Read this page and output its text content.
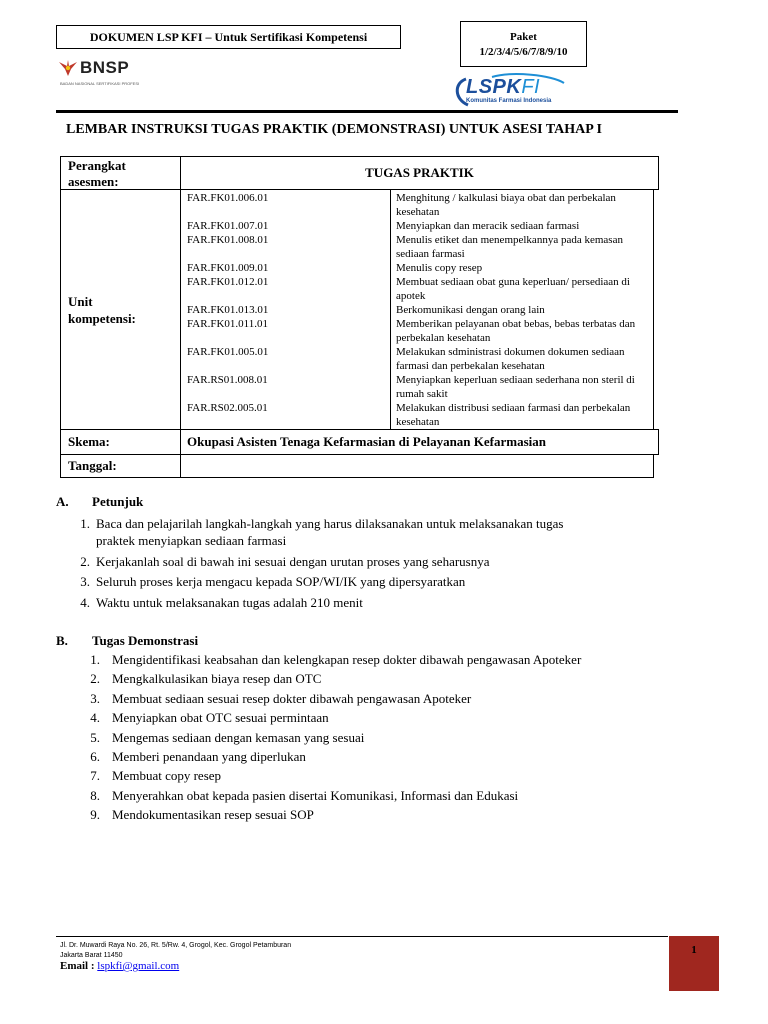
DOKUMEN LSP KFI – Untuk Sertifikasi Kompetensi	Paket
1/2/3/4/5/6/7/8/9/10
BNSP
BADAN NASIONAL SERTIFIKASI PROFESI	LSPKFI
Komunitas Farmasi Indonesia
LEMBAR INSTRUKSI TUGAS PRAKTIK (DEMONSTRASI) UNTUK ASESI TAHAP I
Perangkat
asesmen:
TUGAS PRAKTIK
Unit
kompetensi:
FAR.FK01.006.01	Menghitung / kalkulasi biaya obat dan perbekalan kesehatan
FAR.FK01.007.01	Menyiapkan dan meracik sediaan farmasi
FAR.FK01.008.01	Menulis etiket dan menempelkannya pada kemasan sediaan farmasi
FAR.FK01.009.01	Menulis copy resep
FAR.FK01.012.01	Membuat sediaan obat guna keperluan/ persediaan di apotek
FAR.FK01.013.01	Berkomunikasi dengan orang lain
FAR.FK01.011.01	Memberikan pelayanan obat bebas, bebas terbatas dan perbekalan kesehatan
FAR.FK01.005.01	Melakukan sdministrasi dokumen dokumen sediaan farmasi dan perbekalan kesehatan
FAR.RS01.008.01	Menyiapkan keperluan sediaan sederhana non steril di rumah sakit
FAR.RS02.005.01	Melakukan distribusi sediaan farmasi dan perbekalan kesehatan
Skema:	Okupasi Asisten Tenaga Kefarmasian di Pelayanan Kefarmasian
Tanggal:
A. Petunjuk
1. Baca dan pelajarilah langkah-langkah yang harus dilaksanakan untuk melaksanakan tugas
praktek menyiapkan sediaan farmasi
2. Kerjakanlah soal di bawah ini sesuai dengan urutan proses yang seharusnya
3. Seluruh proses kerja mengacu kepada SOP/WI/IK yang dipersyaratkan
4. Waktu untuk melaksanakan tugas adalah 210 menit
B. Tugas Demonstrasi
1. Mengidentifikasi keabsahan dan kelengkapan resep dokter dibawah pengawasan Apoteker
2. Mengkalkulasikan biaya resep dan OTC
3. Membuat sediaan sesuai resep dokter dibawah pengawasan Apoteker
4. Menyiapkan obat OTC sesuai permintaan
5. Mengemas sediaan dengan kemasan yang sesuai
6. Memberi penandaan yang diperlukan
7. Membuat copy resep
8. Menyerahkan obat kepada pasien disertai Komunikasi, Informasi dan Edukasi
9. Mendokumentasikan resep sesuai SOP
Jl. Dr. Muwardi Raya No. 26, Rt. 5/Rw. 4, Grogol, Kec. Grogol Petamburan
Jakarta Barat 11450
Email : lspkfi@gmail.com
1
